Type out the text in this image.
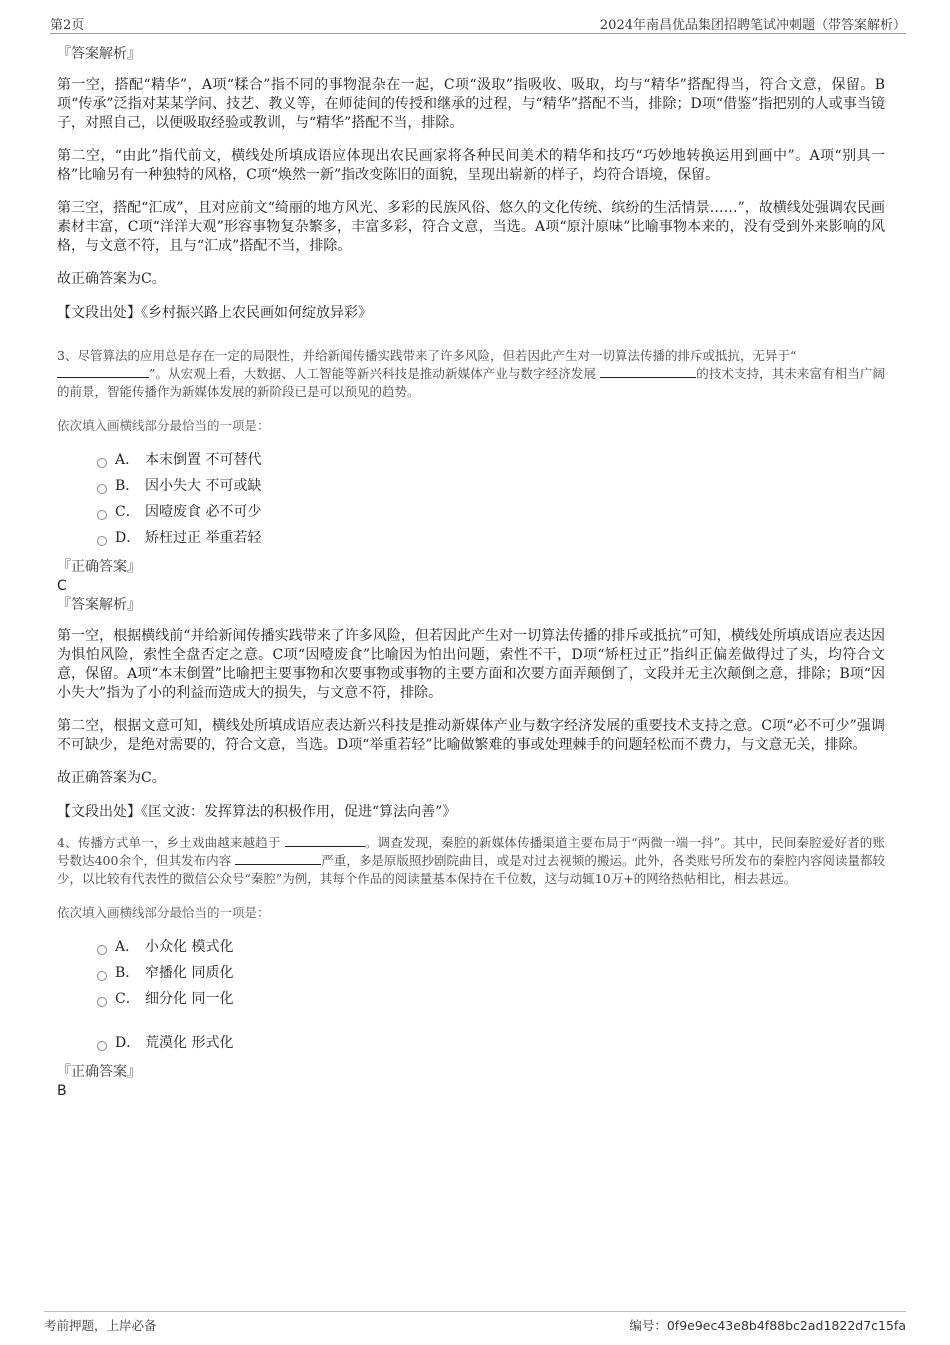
第2页	2024年南昌优品集团招聘笔试冲刺题（带答案解析）
『答案解析』

第一空，搭配“精华”，A项“糅合”指不同的事物混杂在一起，C项“汲取”指吸收、吸取，均与“精华”搭配得当，符合文意，保留。B项“传承”泛指对某某学问、技艺、教义等，在师徒间的传授和继承的过程，与“精华”搭配不当，排除；D项“借鉴”指把别的人或事当镜子，对照自己，以便吸取经验或教训，与“精华”搭配不当，排除。

第二空，“由此”指代前文，横线处所填成语应体现出农民画家将各种民间美术的精华和技巧“巧妙地转换运用到画中”。A项“别具一格”比喻另有一种独特的风格，C项“焕然一新”指改变陈旧的面貌，呈现出崭新的样子，均符合语境，保留。

第三空，搭配“汇成”，且对应前文“绮丽的地方风光、多彩的民族风俗、悠久的文化传统、缤纷的生活情景……”，故横线处强调农民画素材丰富，C项“洋洋大观”形容事物复杂繁多，丰富多彩，符合文意，当选。A项“原汁原味”比喻事物本来的，没有受到外来影响的风格，与文意不符，且与“汇成”搭配不当，排除。

故正确答案为C。

【文段出处】《乡村振兴路上农民画如何绽放异彩》

3、尽管算法的应用总是存在一定的局限性，并给新闻传播实践带来了许多风险，但若因此产生对一切算法传播的排斥或抵抗，无异于“
”。从宏观上看，大数据、人工智能等新兴科技是推动新媒体产业与数字经济发展	的技术支持，其未来富有相当广阔的前景，智能传播作为新媒体发展的新阶段已是可以预见的趋势。

依次填入画横线部分最恰当的一项是：

A． 本末倒置 不可替代
B． 因小失大 不可或缺
C． 因噎废食 必不可少
D． 矫枉过正 举重若轻
『正确答案』
C
『答案解析』

第一空，根据横线前“并给新闻传播实践带来了许多风险，但若因此产生对一切算法传播的排斥或抵抗”可知，横线处所填成语应表达因为惧怕风险，索性全盘否定之意。C项“因噎废食”比喻因为怕出问题，索性不干，D项“矫枉过正”指纠正偏差做得过了头，均符合文意，保留。A项“本末倒置”比喻把主要事物和次要事物或事物的主要方面和次要方面弄颠倒了，文段并无主次颠倒之意，排除；B项“因小失大”指为了小的利益而造成大的损失，与文意不符，排除。

第二空，根据文意可知，横线处所填成语应表达新兴科技是推动新媒体产业与数字经济发展的重要技术支持之意。C项“必不可少”强调不可缺少，是绝对需要的，符合文意，当选。D项“举重若轻”比喻做繁难的事或处理棘手的问题轻松而不费力，与文意无关，排除。

故正确答案为C。

【文段出处】《匡文波：发挥算法的积极作用，促进“算法向善”》

4、传播方式单一，乡土戏曲越来越趋于	。调查发现，秦腔的新媒体传播渠道主要布局于“两微一端一抖”。其中，民间秦腔爱好者的账号数达400余个，但其发布内容	严重，多是原版照抄剧院曲目，或是对过去视频的搬运。此外，各类账号所发布的秦腔内容阅读量都较少，以比较有代表性的微信公众号“秦腔”为例，其每个作品的阅读量基本保持在千位数，这与动辄10万+的网络热帖相比，相去甚远。

依次填入画横线部分最恰当的一项是：

A． 小众化 模式化
B． 窄播化 同质化
C． 细分化 同一化
D． 荒漠化 形式化
『正确答案』
B
考前押题，上岸必备	编号：0f9e9ec43e8b4f88bc2ad1822d7c15fa
